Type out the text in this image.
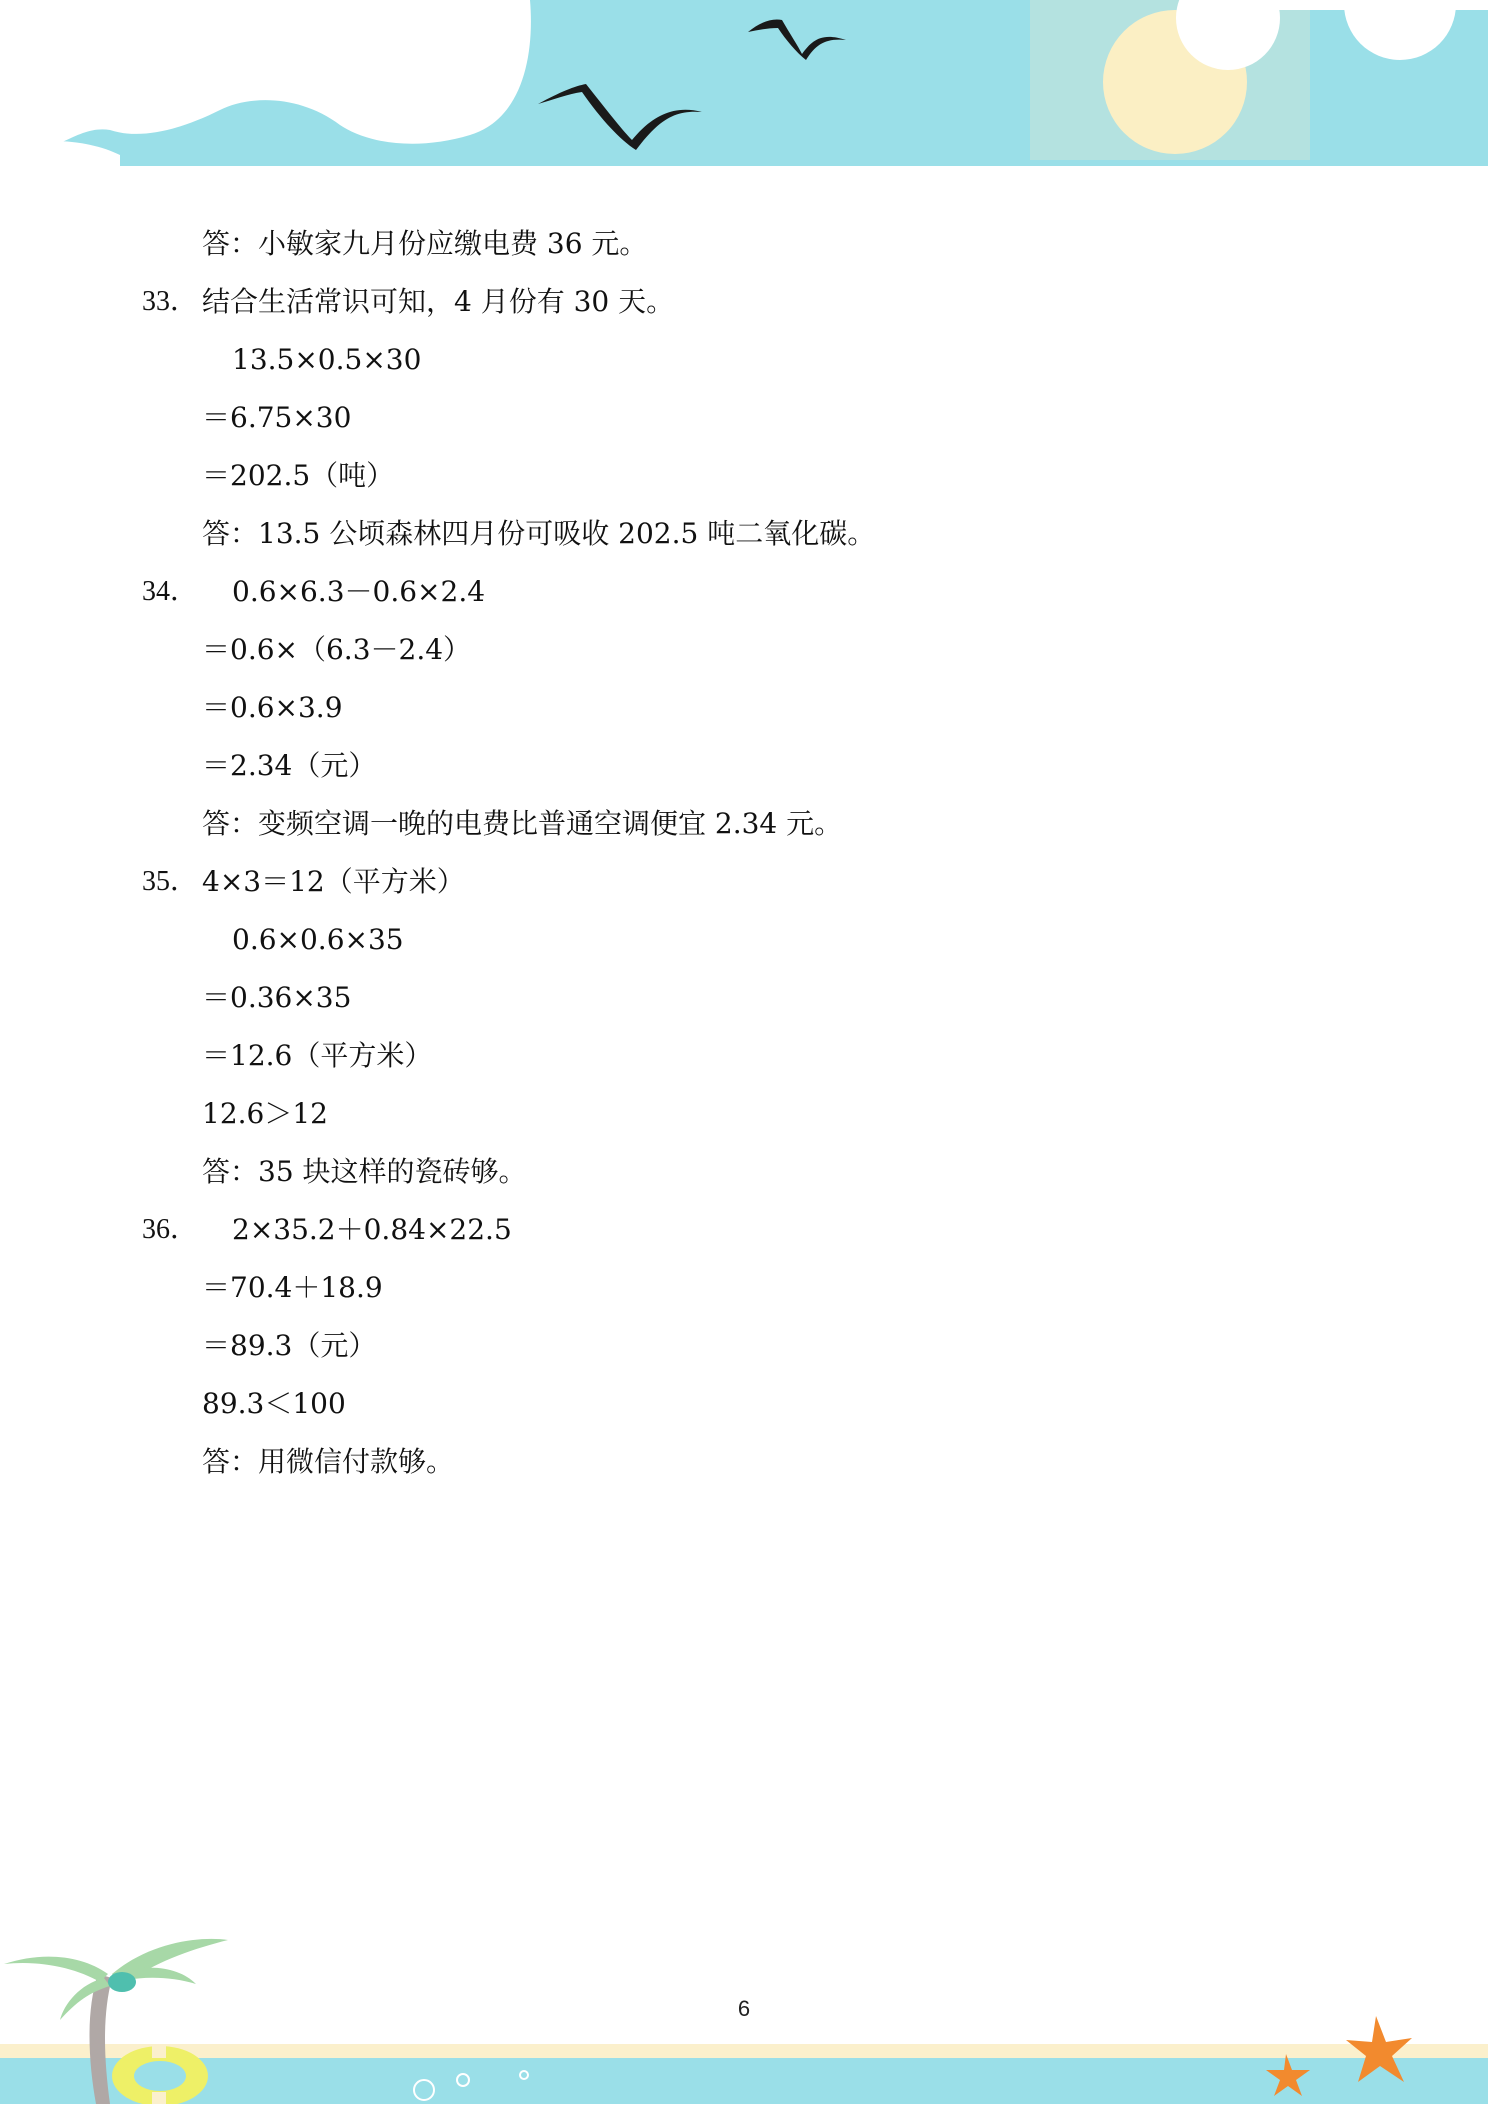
答：小敏家九月份应缴电费 36 元。
33． 结合生活常识可知，4 月份有 30 天。
13.5×0.5×30
＝6.75×30
＝202.5（吨）
答：13.5 公顷森林四月份可吸收 202.5 吨二氧化碳。
34． 0.6×6.3－0.6×2.4
＝0.6×（6.3－2.4）
＝0.6×3.9
＝2.34（元）
答：变频空调一晚的电费比普通空调便宜 2.34 元。
35． 4×3＝12（平方米）
0.6×0.6×35
＝0.36×35
＝12.6（平方米）
12.6＞12
答：35 块这样的瓷砖够。
36． 2×35.2＋0.84×22.5
＝70.4＋18.9
＝89.3（元）
89.3＜100
答：用微信付款够。
6
